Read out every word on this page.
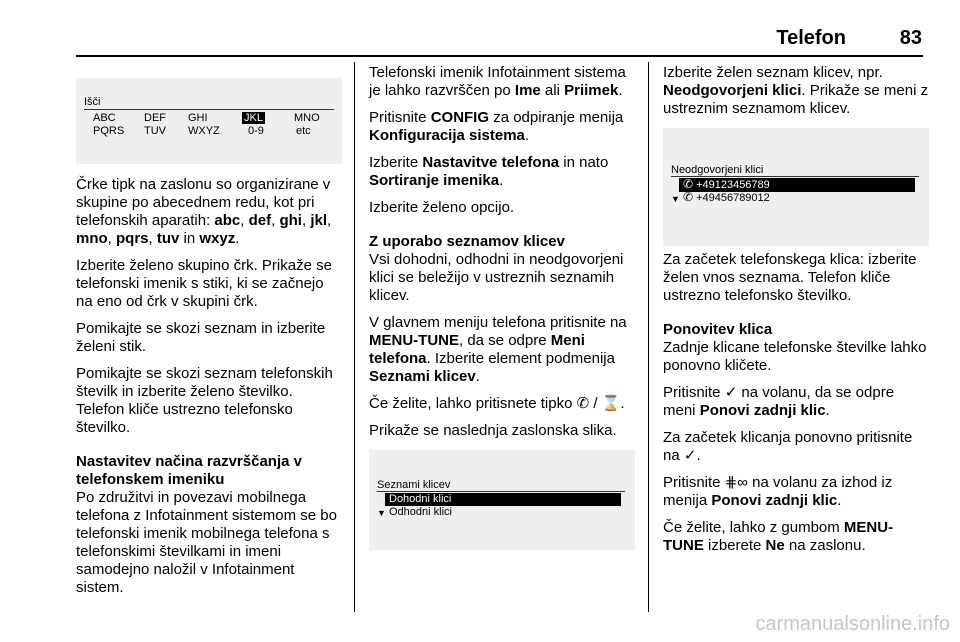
Telefon	83
Išči
ABC	DEF GHI	JKL	MNO
PQRS TUV WXYZ	0-9	etc

Črke tipk na zaslonu so organizirane v skupine po abecednem redu, kot pri telefonskih aparatih: abc, def, ghi, jkl, mno, pqrs, tuv in wxyz.

Izberite želeno skupino črk. Prikaže se telefonski imenik s stiki, ki se začnejo na eno od črk v skupini črk.

Pomikajte se skozi seznam in izberite želeni stik.

Pomikajte se skozi seznam telefonskih številk in izberite želeno številko. Telefon kliče ustrezno telefonsko številko.

Nastavitev načina razvrščanja v telefonskem imeniku

Po združitvi in povezavi mobilnega telefona z Infotainment sistemom se bo telefonski imenik mobilnega telefona s telefonskimi številkami in imeni samodejno naložil v Infotainment sistem.

Telefonski imenik Infotainment sistema je lahko razvrščen po Ime ali Priimek.

Pritisnite CONFIG za odpiranje menija Konfiguracija sistema.

Izberite Nastavitve telefona in nato Sortiranje imenika.

Izberite želeno opcijo.

Z uporabo seznamov klicev

Vsi dohodni, odhodni in neodgovorjeni klici se beležijo v ustreznih seznamih klicev.

V glavnem meniju telefona pritisnite na MENU-TUNE, da se odpre Meni telefona. Izberite element podmenija Seznami klicev.

Če želite, lahko pritisnete tipko ✆ / ⌛.

Prikaže se naslednja zaslonska slika.

Seznami klicev
Dohodni klici
▼ Odhodni klici

Izberite želen seznam klicev, npr. Neodgovorjeni klici. Prikaže se meni z ustreznim seznamom klicev.

Neodgovorjeni klici
✆ +49123456789
▼ ✆ +49456789012

Za začetek telefonskega klica: izberite želen vnos seznama. Telefon kliče ustrezno telefonsko številko.

Ponovitev klica

Zadnje klicane telefonske številke lahko ponovno kličete.

Pritisnite ✓ na volanu, da se odpre meni Ponovi zadnji klic.

Za začetek klicanja ponovno pritisnite na ✓.

Pritisnite ⋕∞ na volanu za izhod iz menija Ponovi zadnji klic.

Če želite, lahko z gumbom MENU-TUNE izberete Ne na zaslonu.

carmanualsonline.info
